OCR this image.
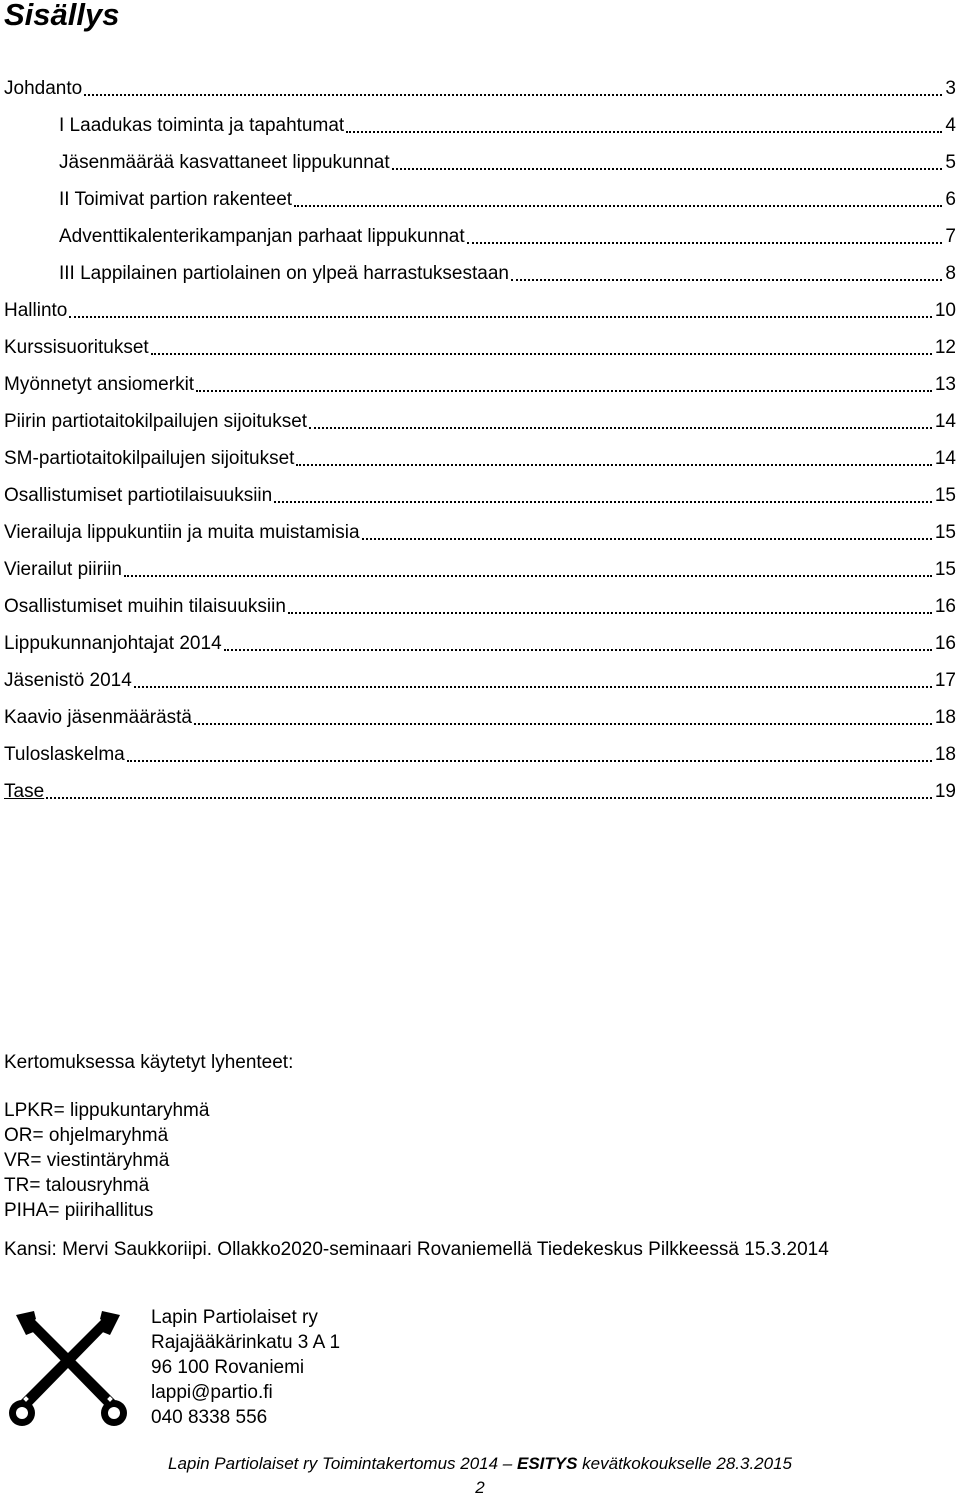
Sisällys
Johdanto	3
I Laadukas toiminta ja tapahtumat	4
Jäsenmäärää kasvattaneet lippukunnat	5
II Toimivat partion rakenteet	6
Adventtikalenterikampanjan parhaat lippukunnat	7
III Lappilainen partiolainen on ylpeä harrastuksestaan	8
Hallinto	10
Kurssisuoritukset	12
Myönnetyt ansiomerkit	13
Piirin partiotaitokilpailujen sijoitukset	14
SM-partiotaitokilpailujen sijoitukset	14
Osallistumiset partiotilaisuuksiin	15
Vierailuja lippukuntiin ja muita muistamisia	15
Vierailut piiriin	15
Osallistumiset muihin tilaisuuksiin	16
Lippukunnanjohtajat 2014	16
Jäsenistö 2014	17
Kaavio jäsenmäärästä	18
Tuloslaskelma	18
Tase	19
Kertomuksessa käytetyt lyhenteet:
LPKR= lippukuntaryhmä
OR= ohjelmaryhmä
VR= viestintäryhmä
TR= talousryhmä
PIHA= piirihallitus
Kansi: Mervi Saukkoriipi. Ollakko2020-seminaari Rovaniemellä Tiedekeskus Pilkkeessä 15.3.2014
Lapin Partiolaiset ry
Rajajääkärinkatu 3 A 1
96 100 Rovaniemi
lappi@partio.fi
040 8338 556
Lapin Partiolaiset ry Toimintakertomus 2014 – ESITYS kevätkokoukselle 28.3.2015
2
